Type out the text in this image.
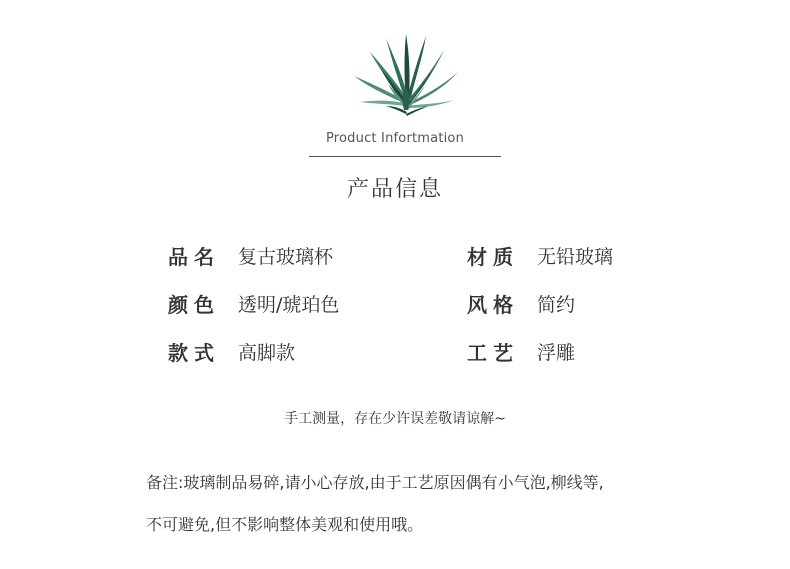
Product Infortmation
产品信息
品名 复古玻璃杯
颜色 透明/琥珀色
款式 高脚款
材质 无铅玻璃
风格 简约
工艺 浮雕
手工测量，存在少许误差敬请谅解~
备注:玻璃制品易碎,请小心存放,由于工艺原因偶有小气泡,柳线等,
不可避免,但不影响整体美观和使用哦。
